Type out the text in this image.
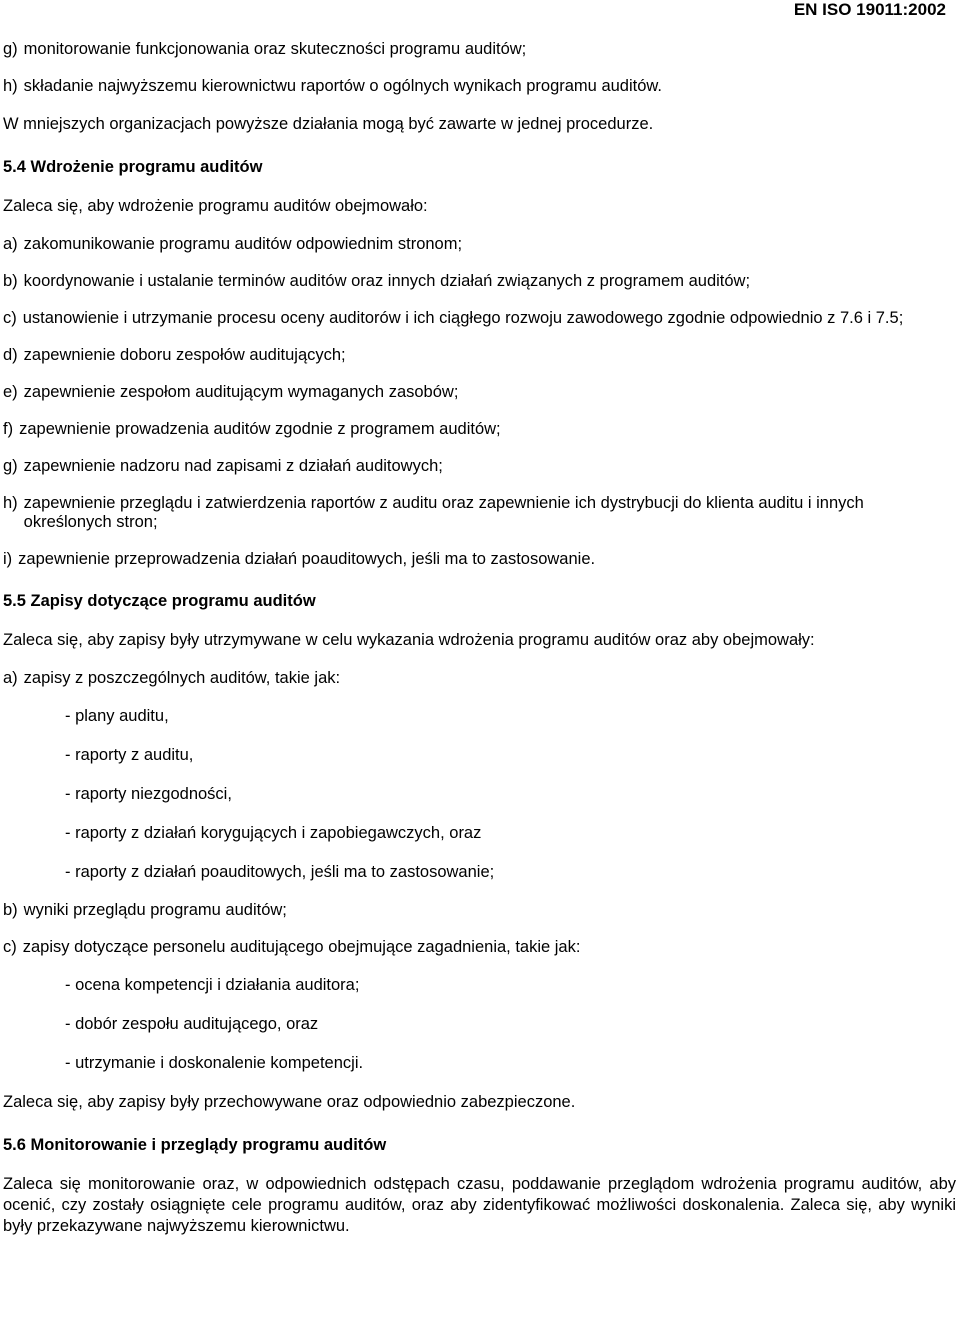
EN ISO 19011:2002
g) monitorowanie funkcjonowania oraz skuteczności programu auditów;
h) składanie najwyższemu kierownictwu raportów o ogólnych wynikach programu auditów.

W mniejszych organizacjach powyższe działania mogą być zawarte w jednej procedurze.

5.4 Wdrożenie programu auditów

Zaleca się, aby wdrożenie programu auditów obejmowało:

a) zakomunikowanie programu auditów odpowiednim stronom;
b) koordynowanie i ustalanie terminów auditów oraz innych działań związanych z programem auditów;
c) ustanowienie i utrzymanie procesu oceny auditorów i ich ciągłego rozwoju zawodowego zgodnie odpowiednio z 7.6 i 7.5;
d) zapewnienie doboru zespołów auditujących;
e) zapewnienie zespołom auditującym wymaganych zasobów;
f) zapewnienie prowadzenia auditów zgodnie z programem auditów;
g) zapewnienie nadzoru nad zapisami z działań auditowych;
h) zapewnienie przeglądu i zatwierdzenia raportów z auditu oraz zapewnienie ich dystrybucji do klienta auditu i innych określonych stron;
i) zapewnienie przeprowadzenia działań poauditowych, jeśli ma to zastosowanie.

5.5 Zapisy dotyczące programu auditów

Zaleca się, aby zapisy były utrzymywane w celu wykazania wdrożenia programu auditów oraz aby obejmowały:

a) zapisy z poszczególnych auditów, takie jak:

- plany auditu,

- raporty z auditu,

- raporty niezgodności,

- raporty z działań korygujących i zapobiegawczych, oraz

- raporty z działań poauditowych, jeśli ma to zastosowanie;

b) wyniki przeglądu programu auditów;
c) zapisy dotyczące personelu auditującego obejmujące zagadnienia, takie jak:

- ocena kompetencji i działania auditora;

- dobór zespołu auditującego, oraz

- utrzymanie i doskonalenie kompetencji.

Zaleca się, aby zapisy były przechowywane oraz odpowiednio zabezpieczone.

5.6 Monitorowanie i przeglądy programu auditów

Zaleca się monitorowanie oraz, w odpowiednich odstępach czasu, poddawanie przeglądom wdrożenia programu auditów, aby ocenić, czy zostały osiągnięte cele programu auditów, oraz aby zidentyfikować możliwości doskonalenia. Zaleca się, aby wyniki były przekazywane najwyższemu kierownictwu.
